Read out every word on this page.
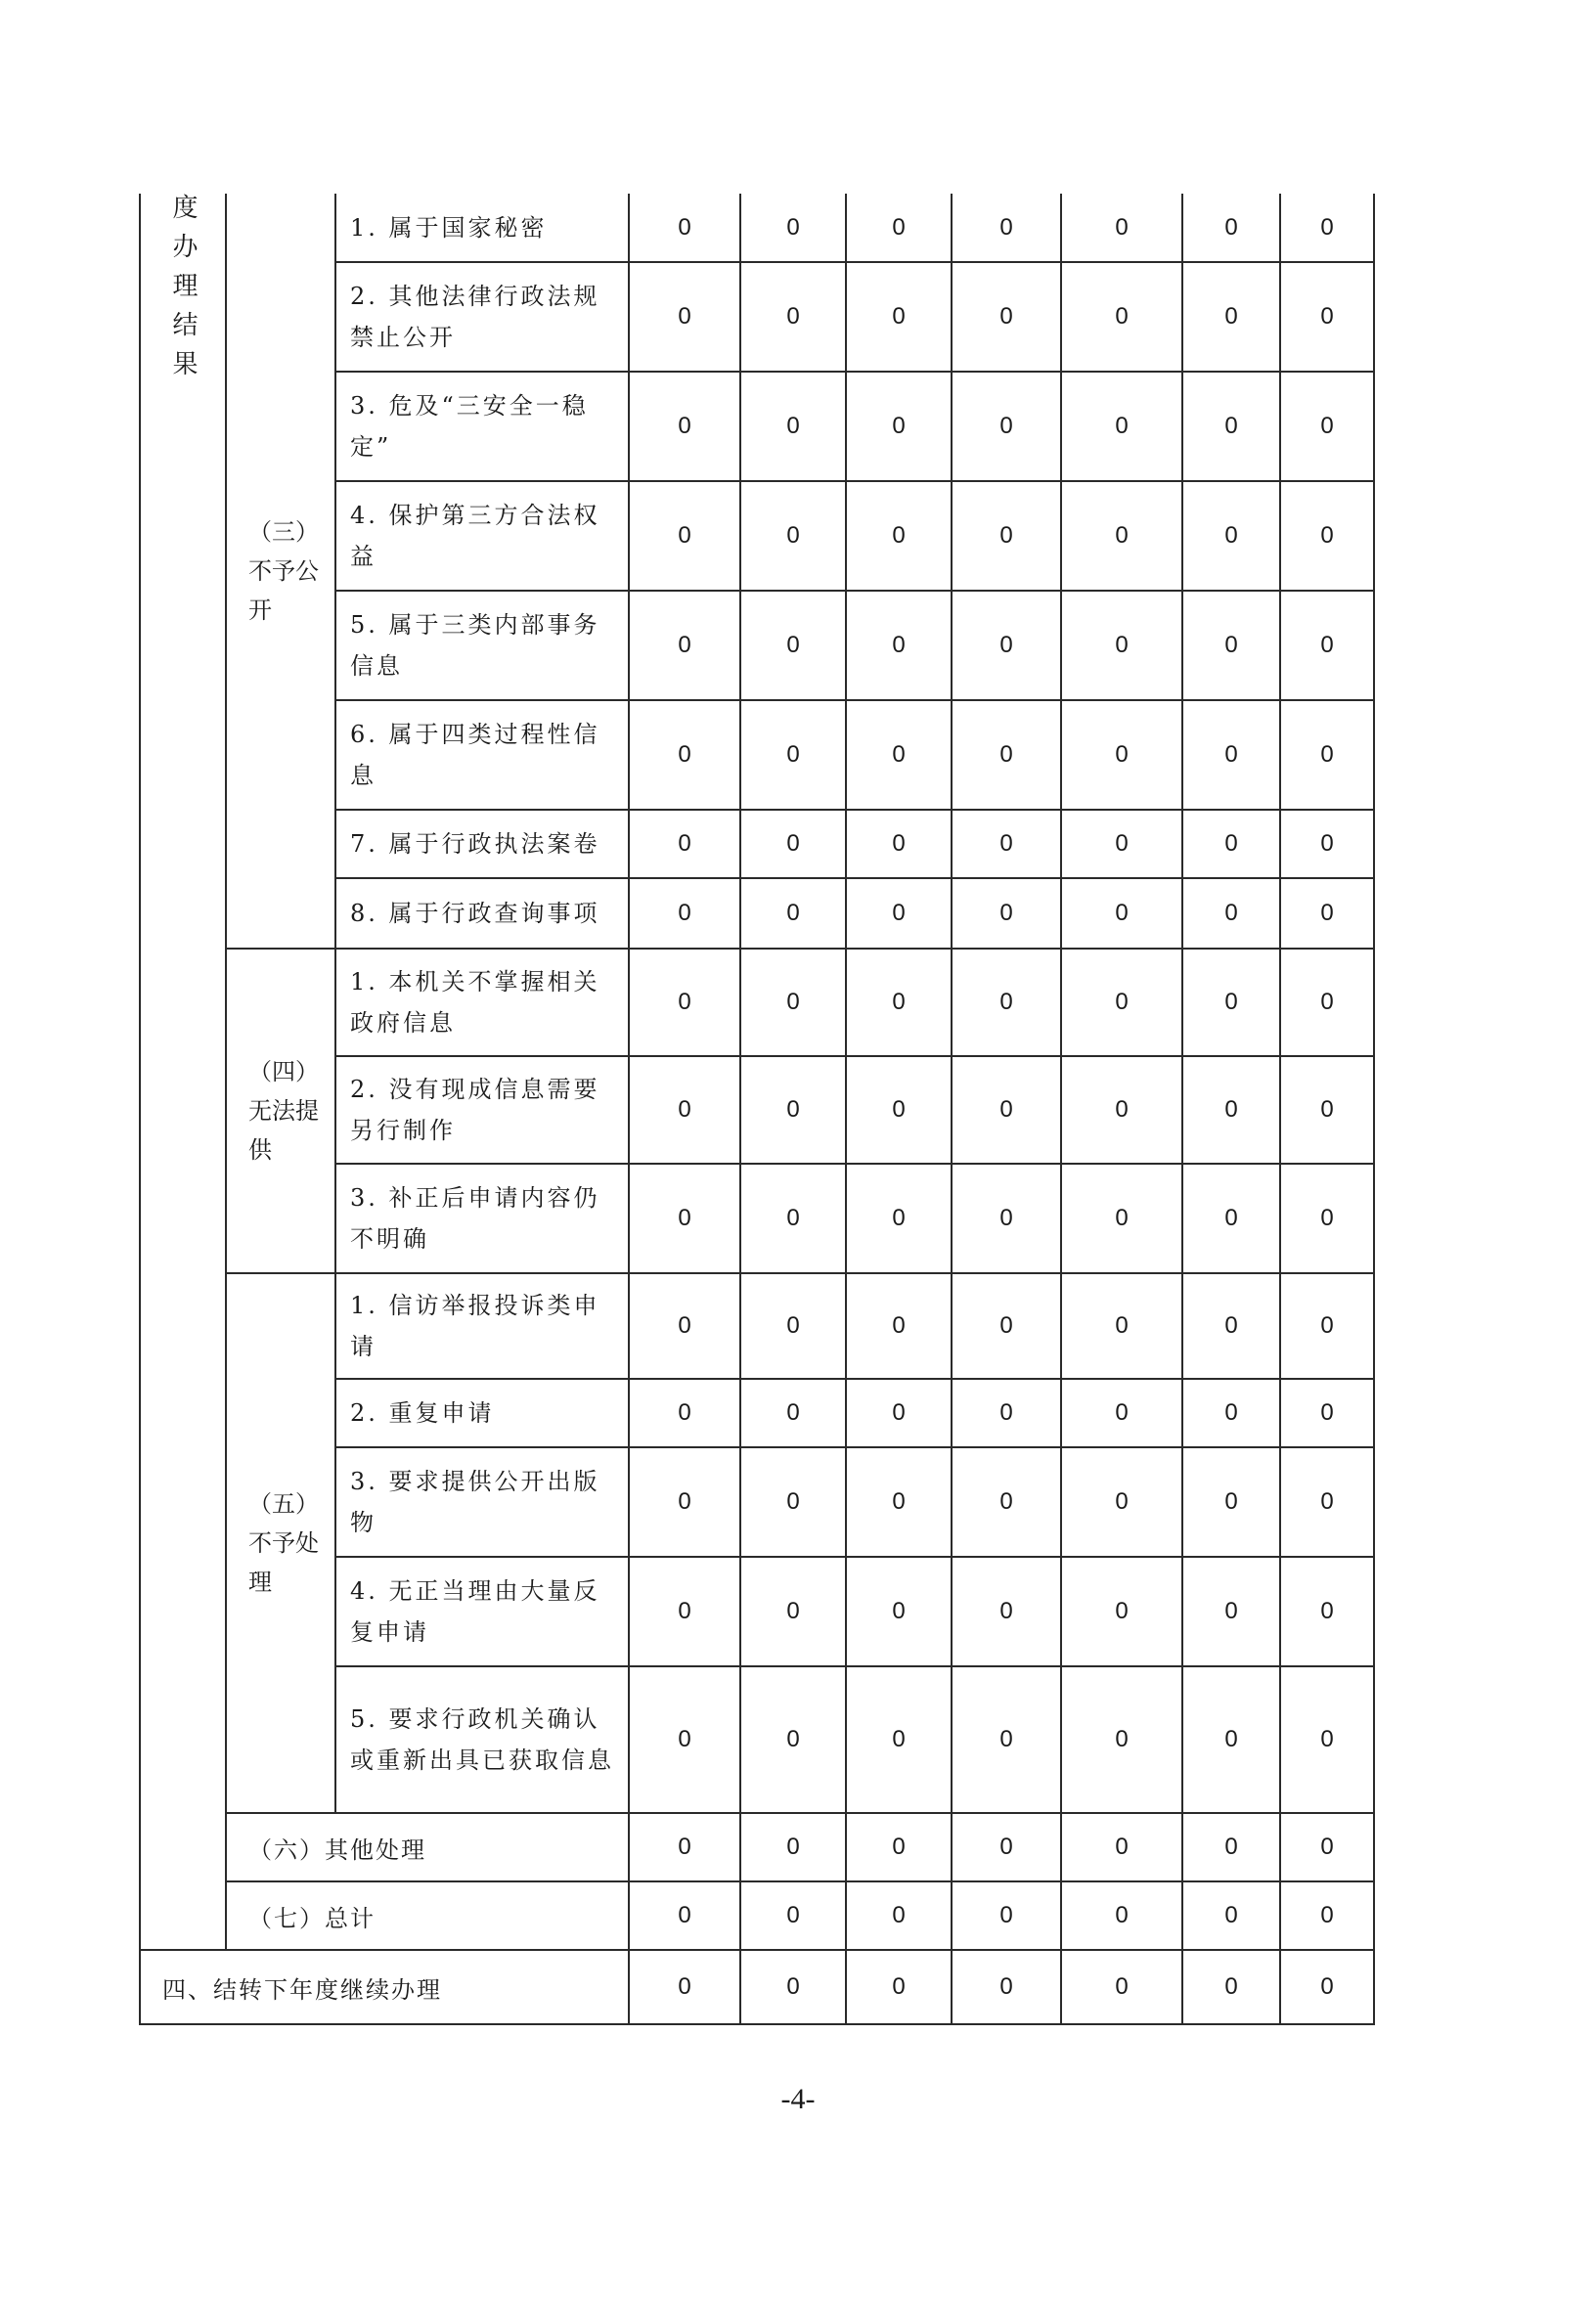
度办理结果	（三）不予公开	1. 属于国家秘密	0	0	0	0	0	0	0
		2. 其他法律行政法规禁止公开	0	0	0	0	0	0	0
		3. 危及“三安全一稳定”	0	0	0	0	0	0	0
		4. 保护第三方合法权益	0	0	0	0	0	0	0
		5. 属于三类内部事务信息	0	0	0	0	0	0	0
		6. 属于四类过程性信息	0	0	0	0	0	0	0
		7. 属于行政执法案卷	0	0	0	0	0	0	0
		8. 属于行政查询事项	0	0	0	0	0	0	0
	（四）无法提供	1. 本机关不掌握相关政府信息	0	0	0	0	0	0	0
		2. 没有现成信息需要另行制作	0	0	0	0	0	0	0
		3. 补正后申请内容仍不明确	0	0	0	0	0	0	0
	（五）不予处理	1. 信访举报投诉类申请	0	0	0	0	0	0	0
		2. 重复申请	0	0	0	0	0	0	0
		3. 要求提供公开出版物	0	0	0	0	0	0	0
		4. 无正当理由大量反复申请	0	0	0	0	0	0	0
		5. 要求行政机关确认或重新出具已获取信息	0	0	0	0	0	0	0
	（六）其他处理		0	0	0	0	0	0	0
	（七）总计		0	0	0	0	0	0	0
四、结转下年度继续办理			0	0	0	0	0	0	0
-4-
